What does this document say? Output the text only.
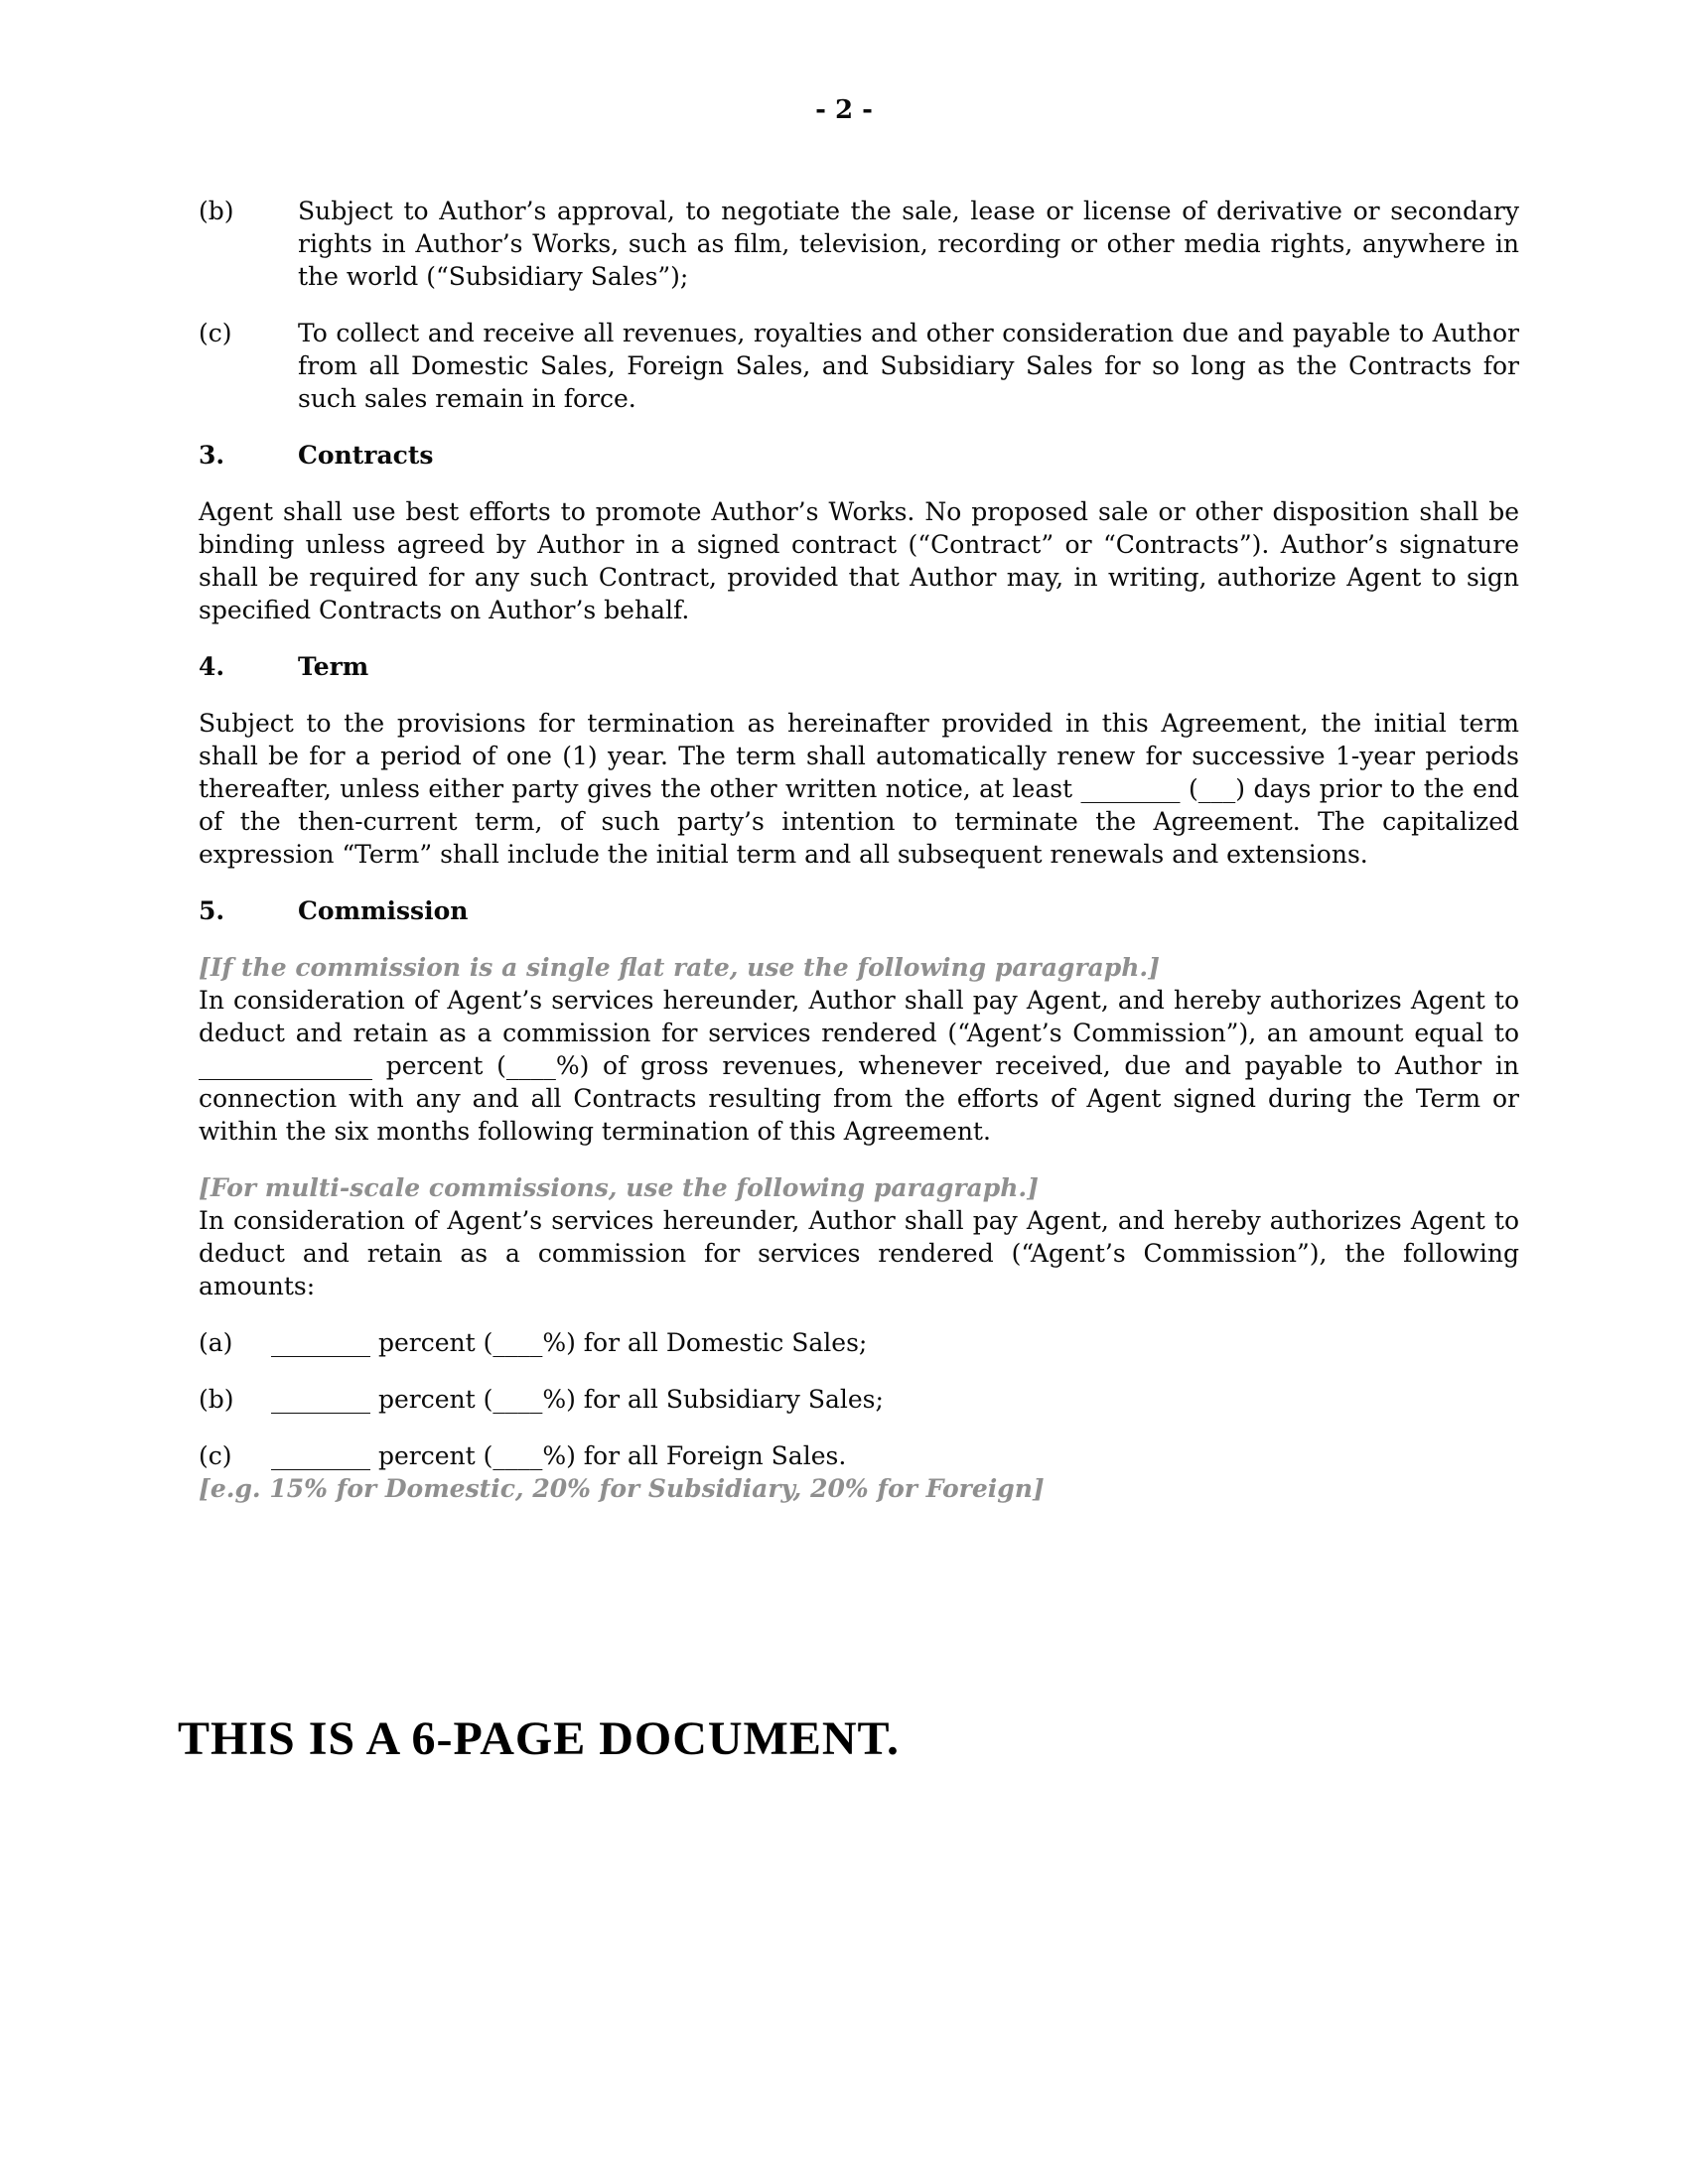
- 2 -
(b)	Subject to Author’s approval, to negotiate the sale, lease or license of derivative or secondary rights in Author’s Works, such as film, television, recording or other media rights, anywhere in the world (“Subsidiary Sales”);
(c)	To collect and receive all revenues, royalties and other consideration due and payable to Author from all Domestic Sales, Foreign Sales, and Subsidiary Sales for so long as the Contracts for such sales remain in force.
3.	Contracts

Agent shall use best efforts to promote Author’s Works. No proposed sale or other disposition shall be binding unless agreed by Author in a signed contract (“Contract” or “Contracts”). Author’s signature shall be required for any such Contract, provided that Author may, in writing, authorize Agent to sign specified Contracts on Author’s behalf.

4.	Term

Subject to the provisions for termination as hereinafter provided in this Agreement, the initial term shall be for a period of one (1) year. The term shall automatically renew for successive 1-year periods thereafter, unless either party gives the other written notice, at least ________ (___) days prior to the end of the then-current term, of such party’s intention to terminate the Agreement. The capitalized expression “Term” shall include the initial term and all subsequent renewals and extensions.

5.	Commission

[If the commission is a single flat rate, use the following paragraph.]

In consideration of Agent’s services hereunder, Author shall pay Agent, and hereby authorizes Agent to deduct and retain as a commission for services rendered (“Agent’s Commission”), an amount equal to ______________ percent (____%) of gross revenues, whenever received, due and payable to Author in connection with any and all Contracts resulting from the efforts of Agent signed during the Term or within the six months following termination of this Agreement.

[For multi-scale commissions, use the following paragraph.]

In consideration of Agent’s services hereunder, Author shall pay Agent, and hereby authorizes Agent to deduct and retain as a commission for services rendered (“Agent’s Commission”), the following amounts:

(a)	________ percent (____%) for all Domestic Sales;
(b)	________ percent (____%) for all Subsidiary Sales;
(c)	________ percent (____%) for all Foreign Sales.

[e.g. 15% for Domestic, 20% for Subsidiary, 20% for Foreign]

THIS IS A 6-PAGE DOCUMENT.
